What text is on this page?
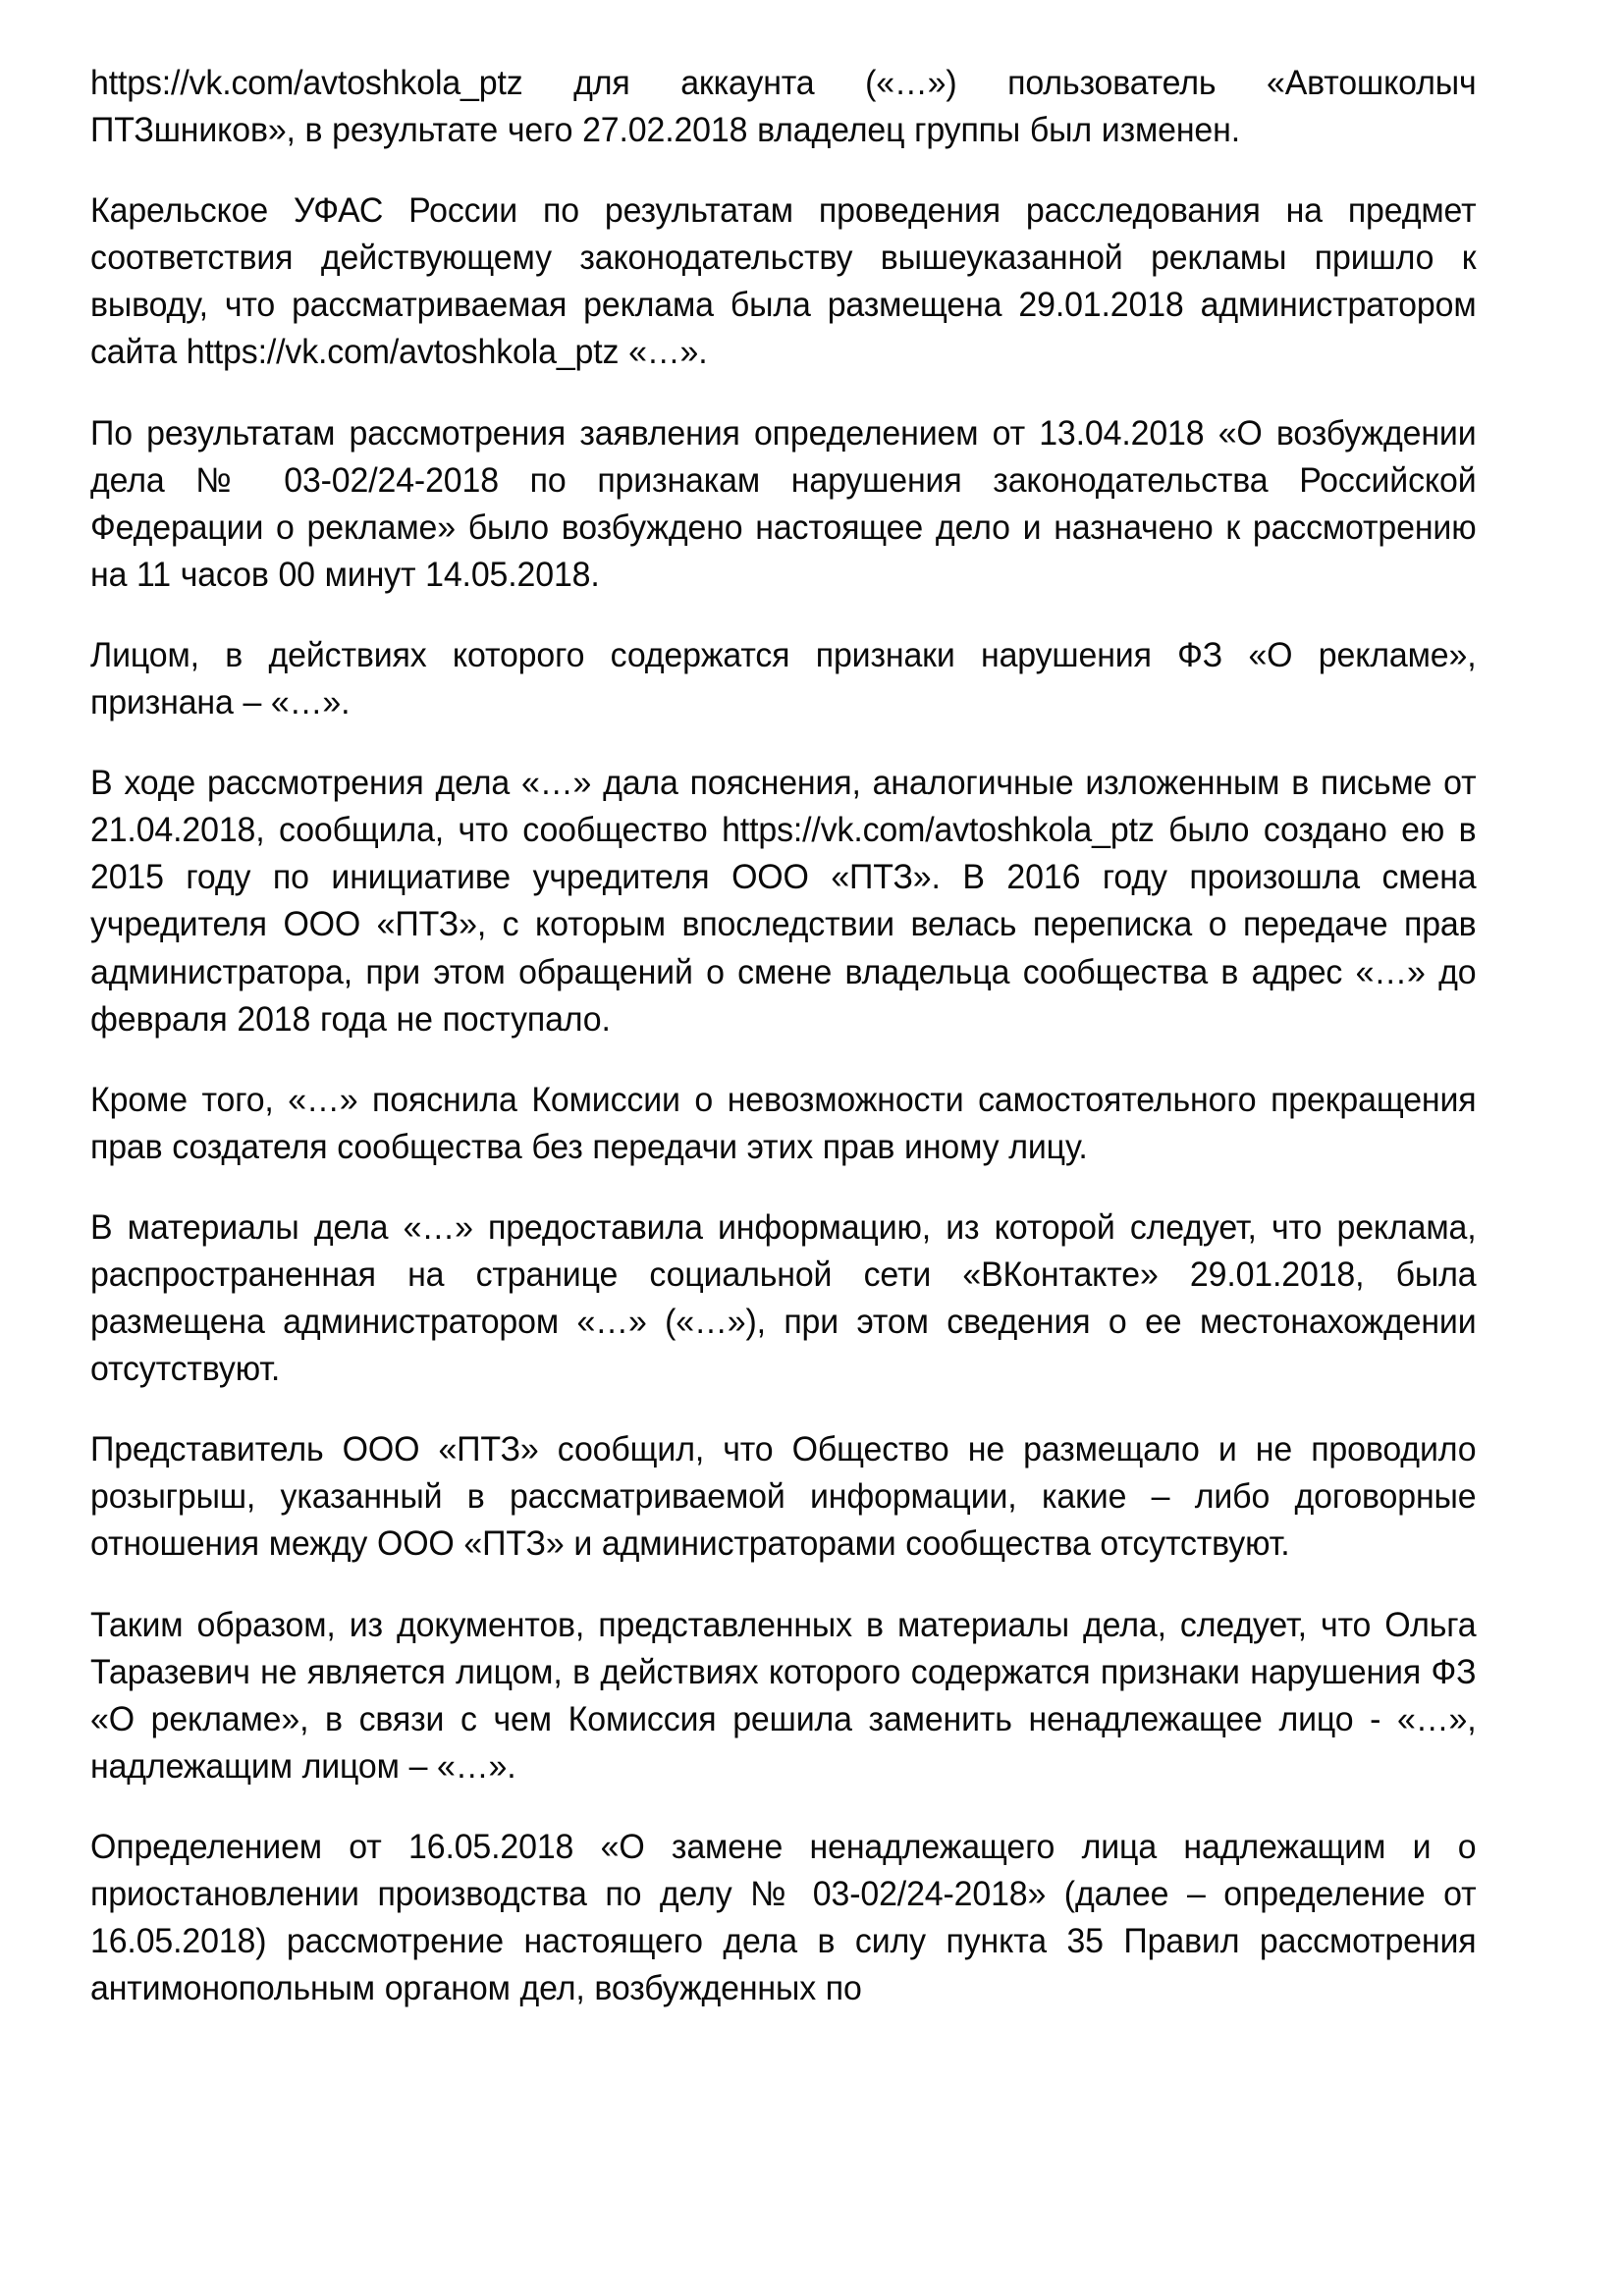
https://vk.com/avtoshkola_ptz для аккаунта («…») пользователь «Автошколыч ПТЗшников», в результате чего 27.02.2018 владелец группы был изменен.

Карельское УФАС России по результатам проведения расследования на предмет соответствия действующему законодательству вышеуказанной рекламы пришло к выводу, что рассматриваемая реклама была размещена 29.01.2018 администратором сайта https://vk.com/avtoshkola_ptz «…».

По результатам рассмотрения заявления определением от 13.04.2018 «О возбуждении дела № 03-02/24-2018 по признакам нарушения законодательства Российской Федерации о рекламе» было возбуждено настоящее дело и назначено к рассмотрению на 11 часов 00 минут 14.05.2018.

Лицом, в действиях которого содержатся признаки нарушения ФЗ «О рекламе», признана – «…».

В ходе рассмотрения дела «…» дала пояснения, аналогичные изложенным в письме от 21.04.2018, сообщила, что сообщество https://vk.com/avtoshkola_ptz было создано ею в 2015 году по инициативе учредителя ООО «ПТЗ». В 2016 году произошла смена учредителя ООО «ПТЗ», с которым впоследствии велась переписка о передаче прав администратора, при этом обращений о смене владельца сообщества в адрес «…» до февраля 2018 года не поступало.

Кроме того, «…» пояснила Комиссии о невозможности самостоятельного прекращения прав создателя сообщества без передачи этих прав иному лицу.

В материалы дела «…» предоставила информацию, из которой следует, что реклама, распространенная на странице социальной сети «ВКонтакте» 29.01.2018, была размещена администратором «…» («…»), при этом сведения о ее местонахождении отсутствуют.

Представитель ООО «ПТЗ» сообщил, что Общество не размещало и не проводило розыгрыш, указанный в рассматриваемой информации, какие – либо договорные отношения между ООО «ПТЗ» и администраторами сообщества отсутствуют.

Таким образом, из документов, представленных в материалы дела, следует, что Ольга Таразевич не является лицом, в действиях которого содержатся признаки нарушения ФЗ «О рекламе», в связи с чем Комиссия решила заменить ненадлежащее лицо - «…», надлежащим лицом – «…».

Определением от 16.05.2018 «О замене ненадлежащего лица надлежащим и о приостановлении производства по делу № 03-02/24-2018» (далее – определение от 16.05.2018) рассмотрение настоящего дела в силу пункта 35 Правил рассмотрения антимонопольным органом дел, возбужденных по
